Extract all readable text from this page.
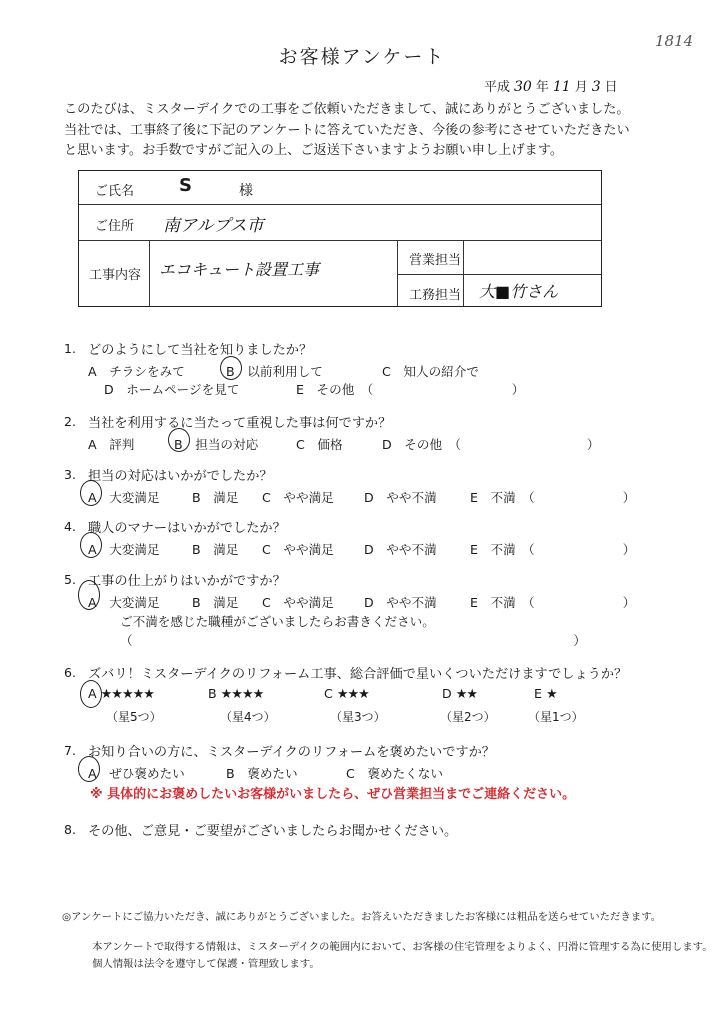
1814
お客様アンケート
平成 30 年 11 月 3 日
このたびは、ミスターデイクでの工事をご依頼いただきまして、誠にありがとうございました。
当社では、工事終了後に下記のアンケートに答えていただき、今後の参考にさせていただきたい
と思います。お手数ですがご記入の上、ご返送下さいますようお願い申し上げます。
ご氏名 S	様
ご住所 南アルプス市
工事内容 エコキュート設置工事	営業担当
工務担当 大■竹さん
1. どのようにして当社を知りましたか？
A　チラシをみて	B　以前利用して	C　知人の紹介で
D　ホームページを見て	E　その他　（　　　　　　　　　　　）
2. 当社を利用するに当たって重視した事は何ですか？
A　評判	B　担当の対応	C　価格	D　その他　（　　　　　　　　　　）
3. 担当の対応はいかがでしたか？
A　大変満足	B　満足 C　やや満足 D　やや不満	E　不満　（　　　　　　　）
4. 職人のマナーはいかがでしたか？
A　大変満足	B　満足 C　やや満足 D　やや不満	E　不満　（　　　　　　　）
5. 工事の仕上がりはいかがですか？
A　大変満足	B　満足 C　やや満足 D　やや不満	E　不満　（　　　　　　　）
ご不満を感じた職種がございましたらお書きください。
（　　　　　　　　　　　　　　　　　　　　　　　　　　　　　　　　　　　）
6. ズバリ！ミスターデイクのリフォーム工事、総合評価で星いくついただけますでしょうか？
A ★★★★★	B ★★★★	C ★★★	D ★★	E ★
（星5つ）	（星4つ）	（星3つ）	（星2つ）	（星1つ）
7. お知り合いの方に、ミスターデイクのリフォームを褒めたいですか？
A　ぜひ褒めたい	B　褒めたい	C　褒めたくない
※ 具体的にお褒めしたいお客様がいましたら、ぜひ営業担当までご連絡ください。
8. その他、ご意見・ご要望がございましたらお聞かせください。
◎アンケートにご協力いただき、誠にありがとうございました。お答えいただきましたお客様には粗品を送らせていただきます。
本アンケートで取得する情報は、ミスターデイクの範囲内において、お客様の住宅管理をよりよく、円滑に管理する為に使用します。
個人情報は法令を遵守して保護・管理致します。
